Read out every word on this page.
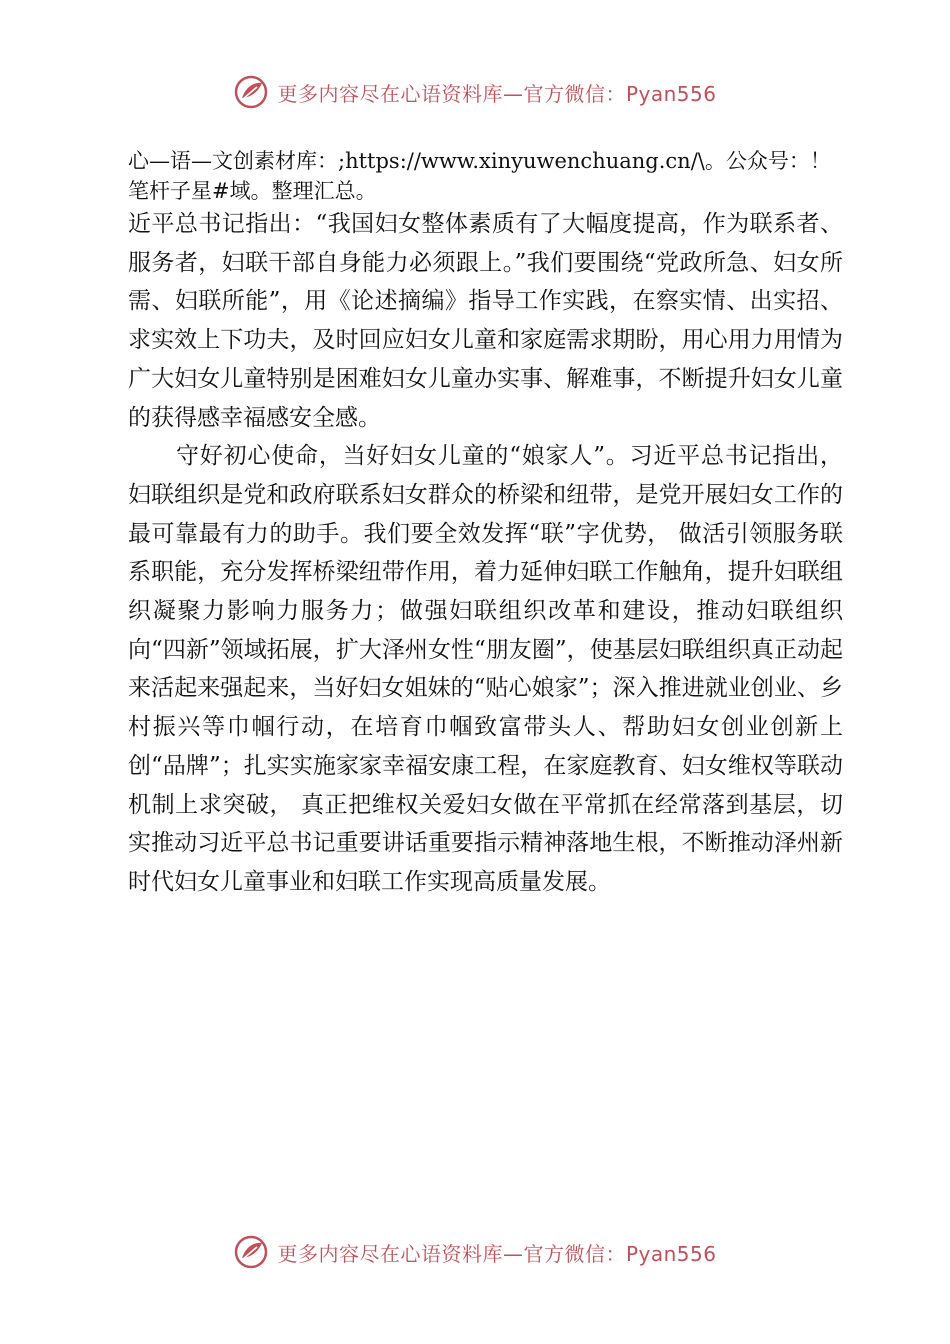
更多内容尽在心语资料库—官方微信：Pyan556
心—语—文创素材库：;https://www.xinyuwenchuang.cn/\。公众号：！笔杆子星#域。整理汇总。

近平总书记指出：“我国妇女整体素质有了大幅度提高，作为联系者、服务者，妇联干部自身能力必须跟上。”我们要围绕“党政所急、妇女所需、妇联所能”，用《论述摘编》指导工作实践，在察实情、出实招、求实效上下功夫，及时回应妇女儿童和家庭需求期盼，用心用力用情为广大妇女儿童特别是困难妇女儿童办实事、解难事，不断提升妇女儿童的获得感幸福感安全感。

守好初心使命，当好妇女儿童的“娘家人”。习近平总书记指出，妇联组织是党和政府联系妇女群众的桥梁和纽带，是党开展妇女工作的最可靠最有力的助手。我们要全效发挥“联”字优势， 做活引领服务联系职能，充分发挥桥梁纽带作用，着力延伸妇联工作触角，提升妇联组织凝聚力影响力服务力；做强妇联组织改革和建设，推动妇联组织向“四新”领域拓展，扩大泽州女性“朋友圈”，使基层妇联组织真正动起来活起来强起来，当好妇女姐妹的“贴心娘家”；深入推进就业创业、乡村振兴等巾帼行动，在培育巾帼致富带头人、帮助妇女创业创新上创“品牌”；扎实实施家家幸福安康工程，在家庭教育、妇女维权等联动机制上求突破， 真正把维权关爱妇女做在平常抓在经常落到基层，切实推动习近平总书记重要讲话重要指示精神落地生根，不断推动泽州新时代妇女儿童事业和妇联工作实现高质量发展。

更多内容尽在心语资料库—官方微信：Pyan556
